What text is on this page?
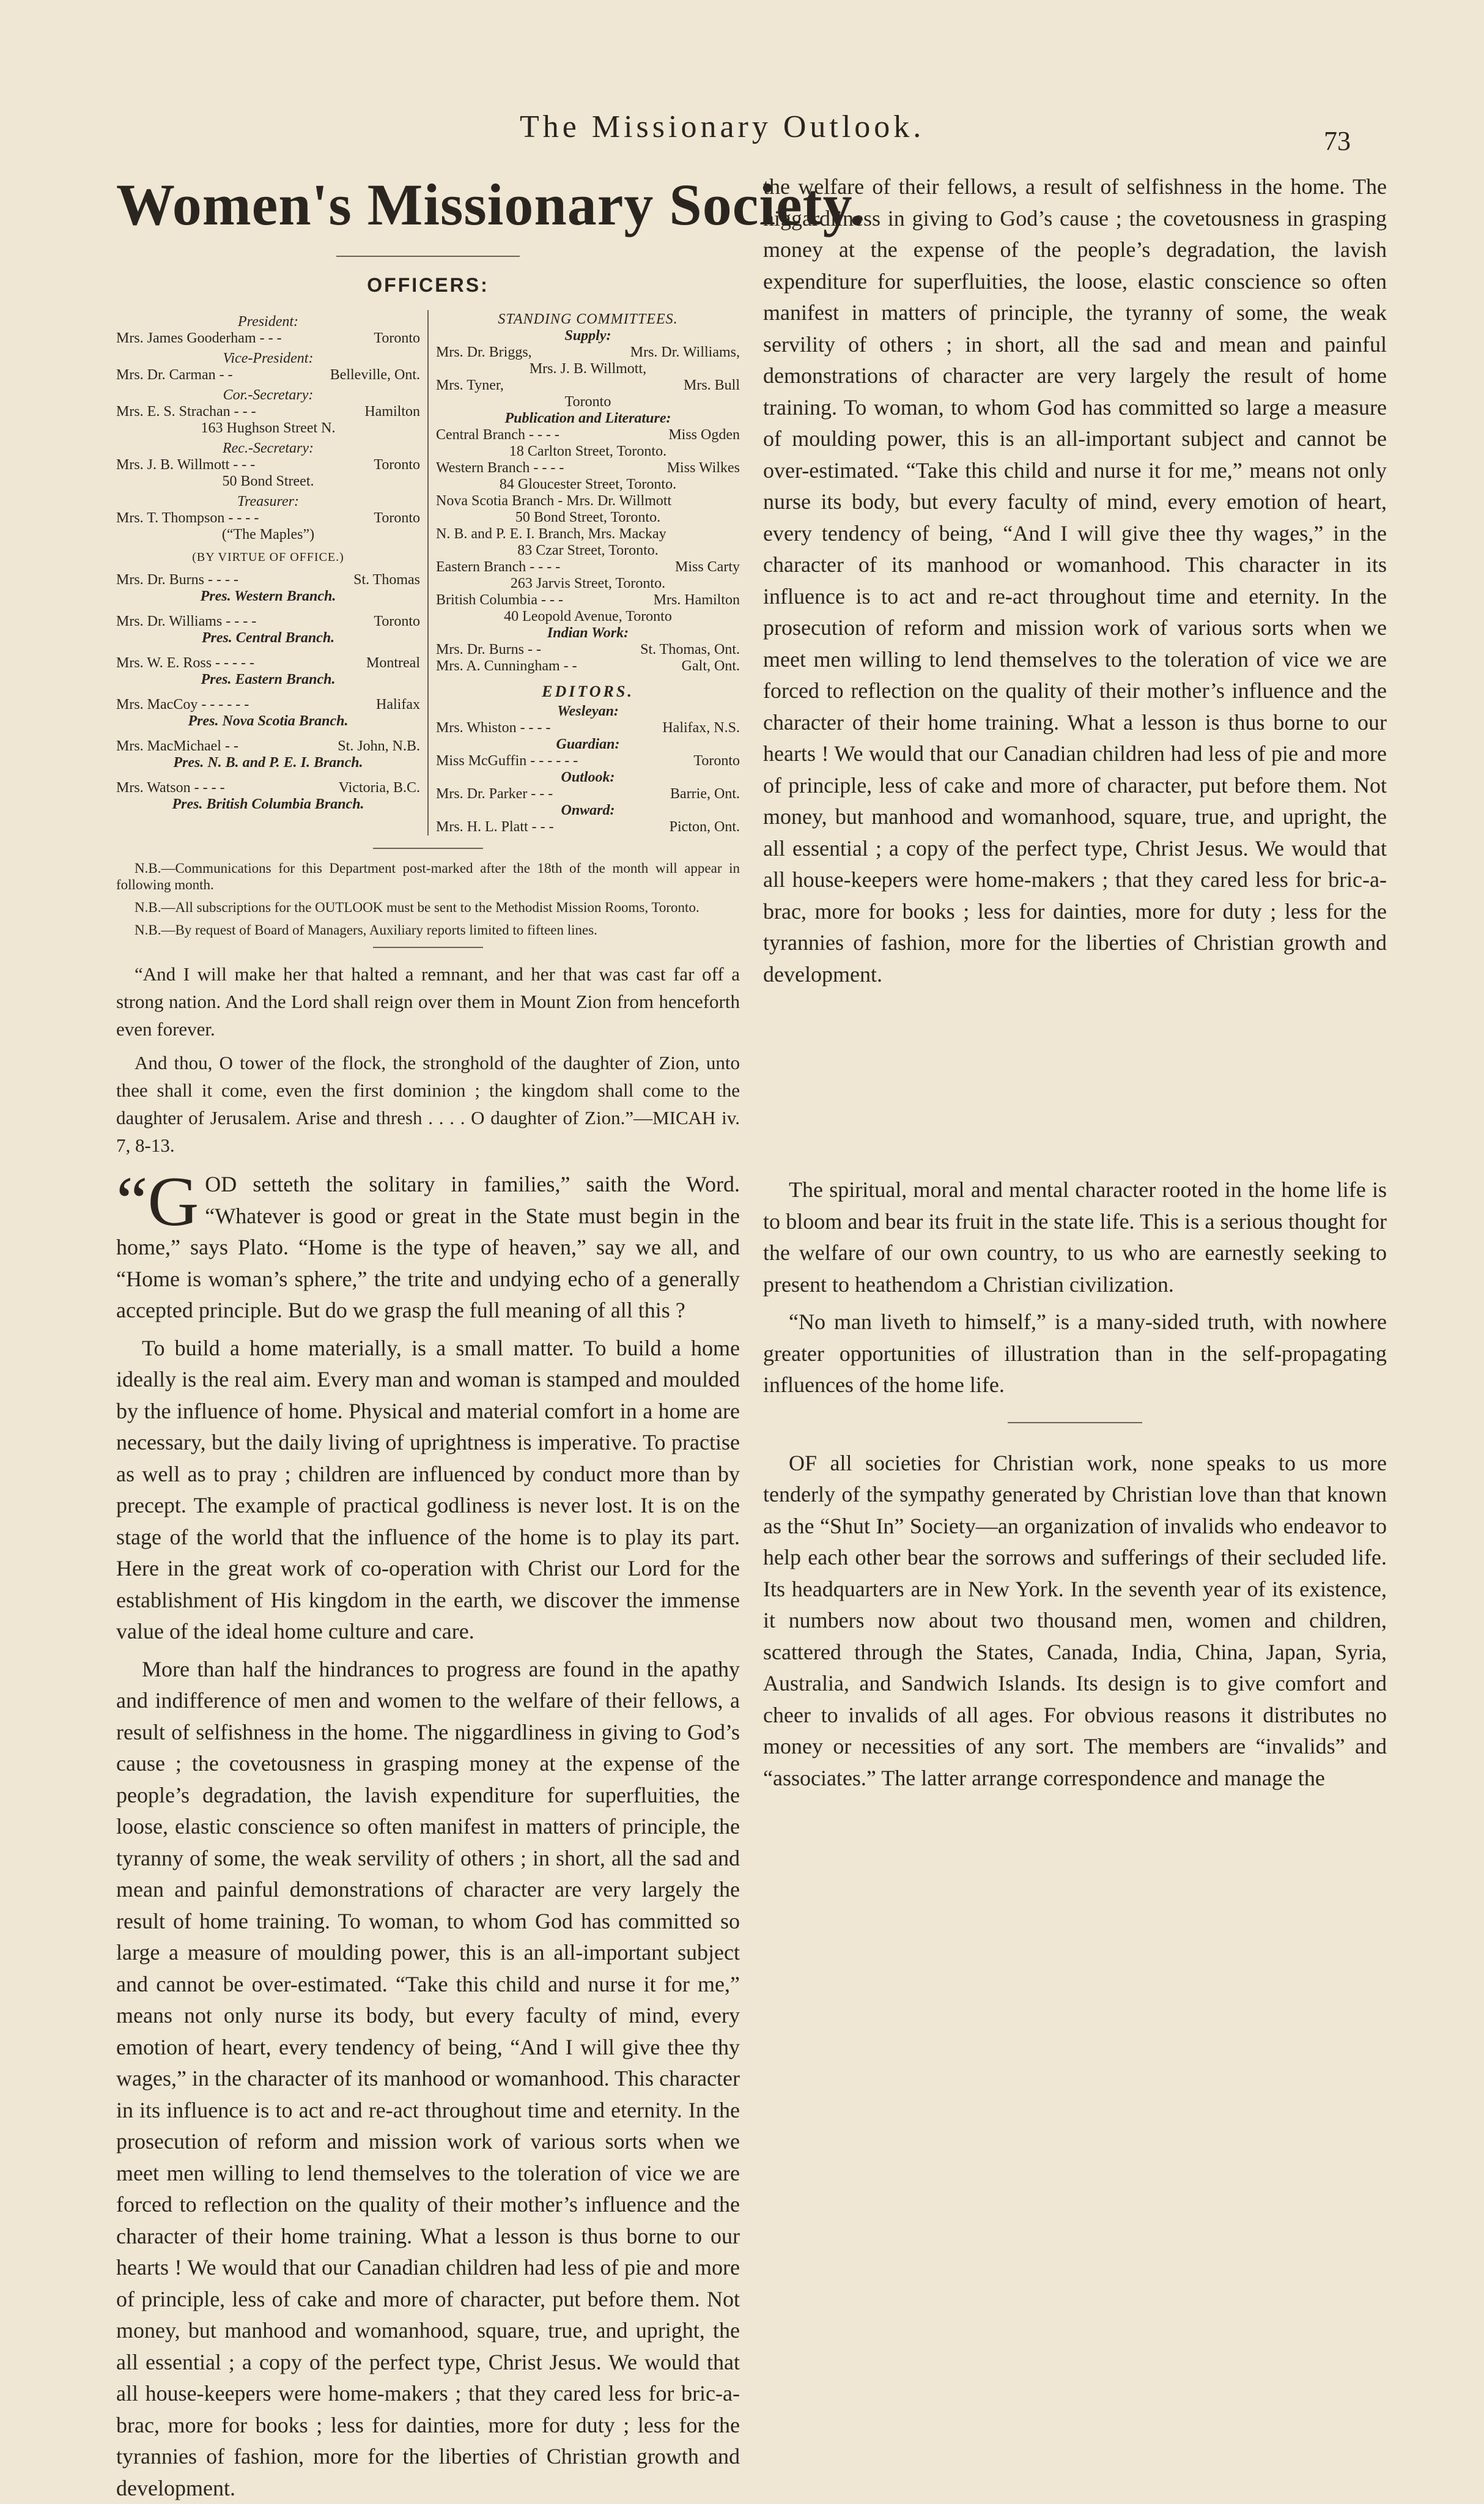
The Missionary Outlook.	73
Women's Missionary Society.
OFFICERS:
President:
Mrs. James Gooderham - - -	Toronto
Vice-President:
Mrs. Dr. Carman - -	Belleville, Ont.
Cor.-Secretary:
Mrs. E. S. Strachan - - -	Hamilton
163 Hughson Street N.
Rec.-Secretary:
Mrs. J. B. Willmott - - -	Toronto
50 Bond Street.
Treasurer:
Mrs. T. Thompson - - - -	Toronto
(“The Maples”)
(BY VIRTUE OF OFFICE.)
Mrs. Dr. Burns - - - -	St. Thomas
Pres. Western Branch.
Mrs. Dr. Williams - - - -	Toronto
Pres. Central Branch.
Mrs. W. E. Ross - - - - -	Montreal
Pres. Eastern Branch.
Mrs. MacCoy - - - - - -	Halifax
Pres. Nova Scotia Branch.
Mrs. MacMichael - -	St. John, N.B.
Pres. N. B. and P. E. I. Branch.
Mrs. Watson - - - -	Victoria, B.C.
Pres. British Columbia Branch.
STANDING COMMITTEES.
Supply:
Mrs. Dr. Briggs,	Mrs. Dr. Williams,
Mrs. J. B. Willmott,
Mrs. Tyner,	Mrs. Bull
Toronto
Publication and Literature:
Central Branch - - - -	Miss Ogden
18 Carlton Street, Toronto.
Western Branch - - - -	Miss Wilkes
84 Gloucester Street, Toronto.
Nova Scotia Branch - Mrs. Dr. Willmott
50 Bond Street, Toronto.
N. B. and P. E. I. Branch, Mrs. Mackay
83 Czar Street, Toronto.
Eastern Branch - - - -	Miss Carty
263 Jarvis Street, Toronto.
British Columbia - - -	Mrs. Hamilton
40 Leopold Avenue, Toronto
Indian Work:
Mrs. Dr. Burns - -	St. Thomas, Ont.
Mrs. A. Cunningham - -	Galt, Ont.
EDITORS.
Wesleyan:
Mrs. Whiston - - - -	Halifax, N.S.
Guardian:
Miss McGuffin - - - - - -	Toronto
Outlook:
Mrs. Dr. Parker - - -	Barrie, Ont.
Onward:
Mrs. H. L. Platt - - -	Picton, Ont.

N.B.—Communications for this Department post-marked after the 18th of the month will appear in following month.

N.B.—All subscriptions for the OUTLOOK must be sent to the Methodist Mission Rooms, Toronto.

N.B.—By request of Board of Managers, Auxiliary reports limited to fifteen lines.

“And I will make her that halted a remnant, and her that was cast far off a strong nation. And the Lord shall reign over them in Mount Zion from henceforth even forever.

And thou, O tower of the flock, the stronghold of the daughter of Zion, unto thee shall it come, even the first dominion ; the kingdom shall come to the daughter of Jerusalem. Arise and thresh . . . . O daughter of Zion.”—MICAH iv. 7, 8-13.

“GOD setteth the solitary in families,” saith the Word. “Whatever is good or great in the State must begin in the home,” says Plato. “Home is the type of heaven,” say we all, and “Home is woman’s sphere,” the trite and undying echo of a generally accepted principle. But do we grasp the full meaning of all this ?

To build a home materially, is a small matter. To build a home ideally is the real aim. Every man and woman is stamped and moulded by the influence of home. Physical and material comfort in a home are necessary, but the daily living of uprightness is imperative. To practise as well as to pray ; children are influenced by conduct more than by precept. The example of practical godliness is never lost. It is on the stage of the world that the influence of the home is to play its part. Here in the great work of co-operation with Christ our Lord for the establishment of His kingdom in the earth, we discover the immense value of the ideal home culture and care.

More than half the hindrances to progress are found in the apathy and indifference of men and women to the welfare of their fellows, a result of selfishness in the home. The niggardliness in giving to God’s cause ; the covetousness in grasping money at the expense of the people’s degradation, the lavish expenditure for superfluities, the loose, elastic conscience so often manifest in matters of principle, the tyranny of some, the weak servility of others ; in short, all the sad and mean and painful demonstrations of character are very largely the result of home training. To woman, to whom God has committed so large a measure of moulding power, this is an all-important subject and cannot be over-estimated. “Take this child and nurse it for me,” means not only nurse its body, but every faculty of mind, every emotion of heart, every tendency of being, “And I will give thee thy wages,” in the character of its manhood or womanhood. This character in its influence is to act and re-act throughout time and eternity. In the prosecution of reform and mission work of various sorts when we meet men willing to lend themselves to the toleration of vice we are forced to reflection on the quality of their mother’s influence and the character of their home training. What a lesson is thus borne to our hearts ! We would that our Canadian children had less of pie and more of principle, less of cake and more of character, put before them. Not money, but manhood and womanhood, square, true, and upright, the all essential ; a copy of the perfect type, Christ Jesus. We would that all house-keepers were home-makers ; that they cared less for bric-a-brac, more for books ; less for dainties, more for duty ; less for the tyrannies of fashion, more for the liberties of Christian growth and development.

the welfare of their fellows, a result of selfishness in the home. The niggardliness in giving to God’s cause ; the covetousness in grasping money at the expense of the people’s degradation, the lavish expenditure for superfluities, the loose, elastic conscience so often manifest in matters of principle, the tyranny of some, the weak servility of others ; in short, all the sad and mean and painful demonstrations of character are very largely the result of home training. To woman, to whom God has committed so large a measure of moulding power, this is an all-important subject and cannot be over-estimated. “Take this child and nurse it for me,” means not only nurse its body, but every faculty of mind, every emotion of heart, every tendency of being, “And I will give thee thy wages,” in the character of its manhood or womanhood. This character in its influence is to act and re-act throughout time and eternity. In the prosecution of reform and mission work of various sorts when we meet men willing to lend themselves to the toleration of vice we are forced to reflection on the quality of their mother’s influence and the character of their home training. What a lesson is thus borne to our hearts ! We would that our Canadian children had less of pie and more of principle, less of cake and more of character, put before them. Not money, but manhood and womanhood, square, true, and upright, the all essential ; a copy of the perfect type, Christ Jesus. We would that all house-keepers were home-makers ; that they cared less for bric-a-brac, more for books ; less for dainties, more for duty ; less for the tyrannies of fashion, more for the liberties of Christian growth and development.

The spiritual, moral and mental character rooted in the home life is to bloom and bear its fruit in the state life. This is a serious thought for the welfare of our own country, to us who are earnestly seeking to present to heathendom a Christian civilization.

“No man liveth to himself,” is a many-sided truth, with nowhere greater opportunities of illustration than in the self-propagating influences of the home life.

OF all societies for Christian work, none speaks to us more tenderly of the sympathy generated by Christian love than that known as the “Shut In” Society—an organization of invalids who endeavor to help each other bear the sorrows and sufferings of their secluded life. Its headquarters are in New York. In the seventh year of its existence, it numbers now about two thousand men, women and children, scattered through the States, Canada, India, China, Japan, Syria, Australia, and Sandwich Islands. Its design is to give comfort and cheer to invalids of all ages. For obvious reasons it distributes no money or necessities of any sort. The members are “invalids” and “associates.” The latter arrange correspondence and manage the
